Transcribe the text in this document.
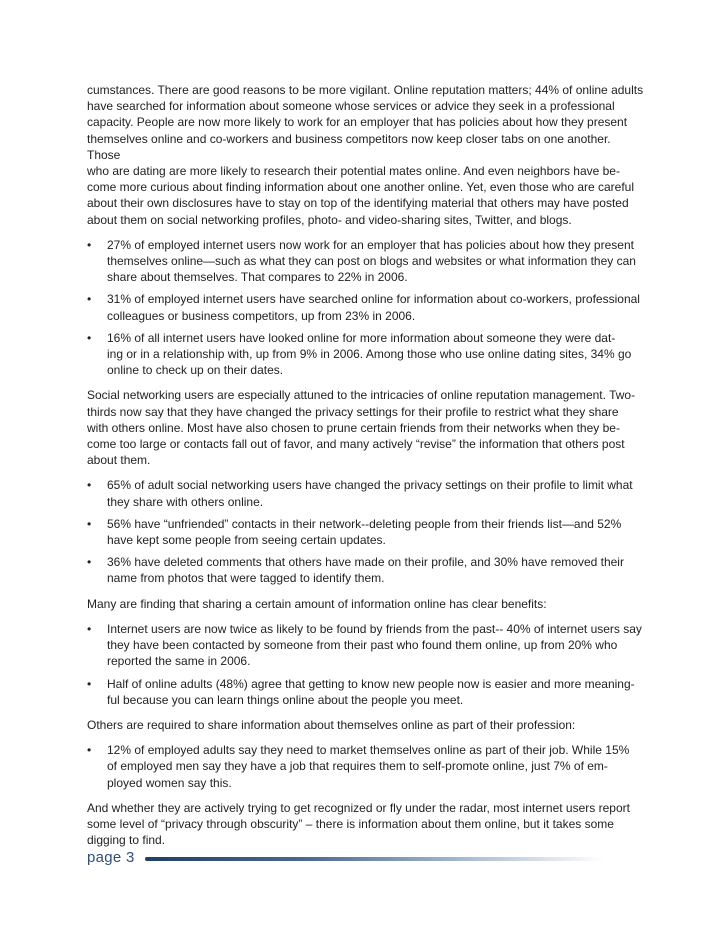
cumstances. There are good reasons to be more vigilant. Online reputation matters; 44% of online adults
have searched for information about someone whose services or advice they seek in a professional
capacity. People are now more likely to work for an employer that has policies about how they present
themselves online and co-workers and business competitors now keep closer tabs on one another. Those
who are dating are more likely to research their potential mates online. And even neighbors have be-
come more curious about finding information about one another online. Yet, even those who are careful
about their own disclosures have to stay on top of the identifying material that others may have posted
about them on social networking profiles, photo- and video-sharing sites, Twitter, and blogs.

• 27% of employed internet users now work for an employer that has policies about how they present
themselves online—such as what they can post on blogs and websites or what information they can
share about themselves. That compares to 22% in 2006.
• 31% of employed internet users have searched online for information about co-workers, professional
colleagues or business competitors, up from 23% in 2006.
• 16% of all internet users have looked online for more information about someone they were dat-
ing or in a relationship with, up from 9% in 2006. Among those who use online dating sites, 34% go
online to check up on their dates.

Social networking users are especially attuned to the intricacies of online reputation management. Two-
thirds now say that they have changed the privacy settings for their profile to restrict what they share
with others online. Most have also chosen to prune certain friends from their networks when they be-
come too large or contacts fall out of favor, and many actively “revise” the information that others post
about them.

• 65% of adult social networking users have changed the privacy settings on their profile to limit what
they share with others online.
• 56% have “unfriended” contacts in their network--deleting people from their friends list—and 52%
have kept some people from seeing certain updates.
• 36% have deleted comments that others have made on their profile, and 30% have removed their
name from photos that were tagged to identify them.

Many are finding that sharing a certain amount of information online has clear benefits:

• Internet users are now twice as likely to be found by friends from the past-- 40% of internet users say
they have been contacted by someone from their past who found them online, up from 20% who
reported the same in 2006.
• Half of online adults (48%) agree that getting to know new people now is easier and more meaning-
ful because you can learn things online about the people you meet.

Others are required to share information about themselves online as part of their profession:

• 12% of employed adults say they need to market themselves online as part of their job. While 15%
of employed men say they have a job that requires them to self-promote online, just 7% of em-
ployed women say this.

And whether they are actively trying to get recognized or fly under the radar, most internet users report
some level of “privacy through obscurity” – there is information about them online, but it takes some
digging to find.

page 3
